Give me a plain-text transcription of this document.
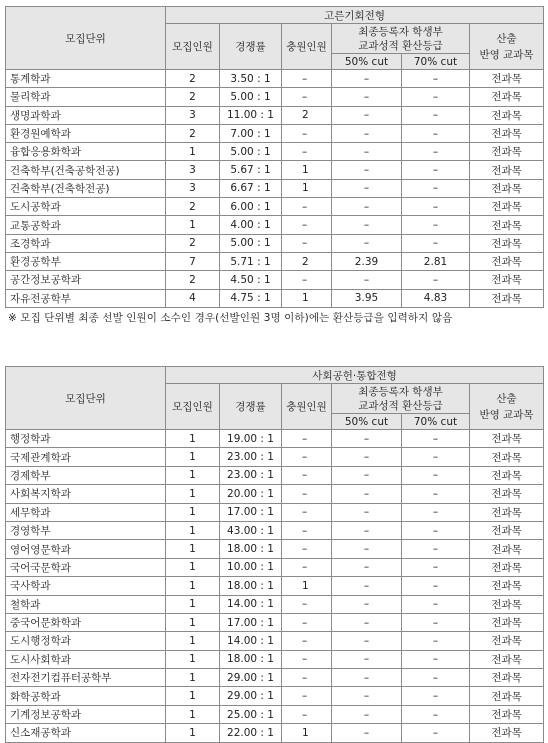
모집단위	고른기회전형					
	모집인원	경쟁률	충원인원	최종등록자 학생부
교과성적 환산등급		산출
반영 교과목
				50% cut	70% cut	
통계학과	2	3.50 : 1	–	–	–	전과목
물리학과	2	5.00 : 1	–	–	–	전과목
생명과학과	3	11.00 : 1	2	–	–	전과목
환경원예학과	2	7.00 : 1	–	–	–	전과목
융합응용화학과	1	5.00 : 1	–	–	–	전과목
건축학부(건축공학전공)	3	5.67 : 1	1	–	–	전과목
건축학부(건축학전공)	3	6.67 : 1	1	–	–	전과목
도시공학과	2	6.00 : 1	–	–	–	전과목
교통공학과	1	4.00 : 1	–	–	–	전과목
조경학과	2	5.00 : 1	–	–	–	전과목
환경공학부	7	5.71 : 1	2	2.39	2.81	전과목
공간정보공학과	2	4.50 : 1	–	–	–	전과목
자유전공학부	4	4.75 : 1	1	3.95	4.83	전과목
※ 모집 단위별 최종 선발 인원이 소수인 경우(선발인원 3명 이하)에는 환산등급을 입력하지 않음
모집단위	사회공헌·통합전형					
	모집인원	경쟁률	충원인원	최종등록자 학생부
교과성적 환산등급		산출
반영 교과목
				50% cut	70% cut	
행정학과	1	19.00 : 1	–	–	–	전과목
국제관계학과	1	23.00 : 1	–	–	–	전과목
경제학부	1	23.00 : 1	–	–	–	전과목
사회복지학과	1	20.00 : 1	–	–	–	전과목
세무학과	1	17.00 : 1	–	–	–	전과목
경영학부	1	43.00 : 1	–	–	–	전과목
영어영문학과	1	18.00 : 1	–	–	–	전과목
국어국문학과	1	10.00 : 1	–	–	–	전과목
국사학과	1	18.00 : 1	1	–	–	전과목
철학과	1	14.00 : 1	–	–	–	전과목
중국어문화학과	1	17.00 : 1	–	–	–	전과목
도시행정학과	1	14.00 : 1	–	–	–	전과목
도시사회학과	1	18.00 : 1	–	–	–	전과목
전자전기컴퓨터공학부	1	29.00 : 1	–	–	–	전과목
화학공학과	1	29.00 : 1	–	–	–	전과목
기계정보공학과	1	25.00 : 1	–	–	–	전과목
신소재공학과	1	22.00 : 1	1	–	–	전과목
